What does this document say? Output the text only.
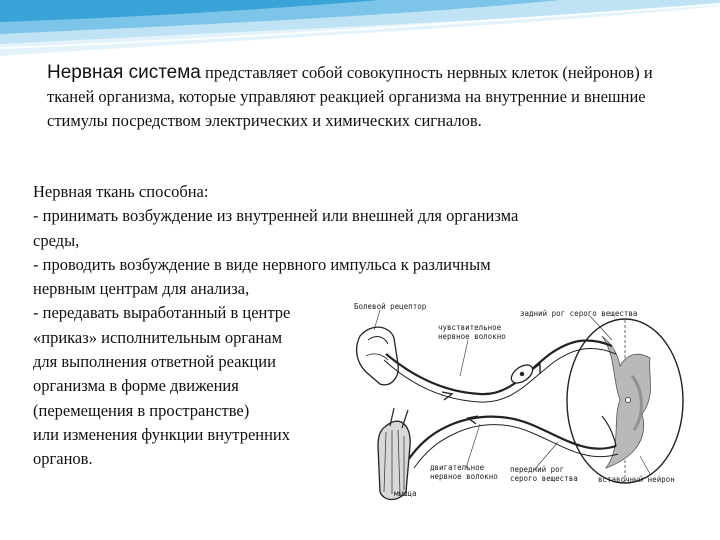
Нервная система представляет собой совокупность нервных клеток (нейронов) и тканей организма, которые управляют реакцией организма на внутренние и внешние стимулы посредством электрических и химических сигналов.

Нервная ткань способна:
- принимать возбуждение из внутренней или внешней для организма
среды,
- проводить возбуждение в виде нервного импульса к различным
нервным центрам для анализа,
- передавать выработанный в центре
«приказ» исполнительным органам
для выполнения ответной реакции
организма в форме движения
(перемещения в пространстве)
или изменения функции внутренних
органов.
Болевой рецептор
чувствительное
нервное волокно
задний рог серого вещества
двигательное
нервное волокно
передний рог
серого вещества	вставочный нейрон
мышца
